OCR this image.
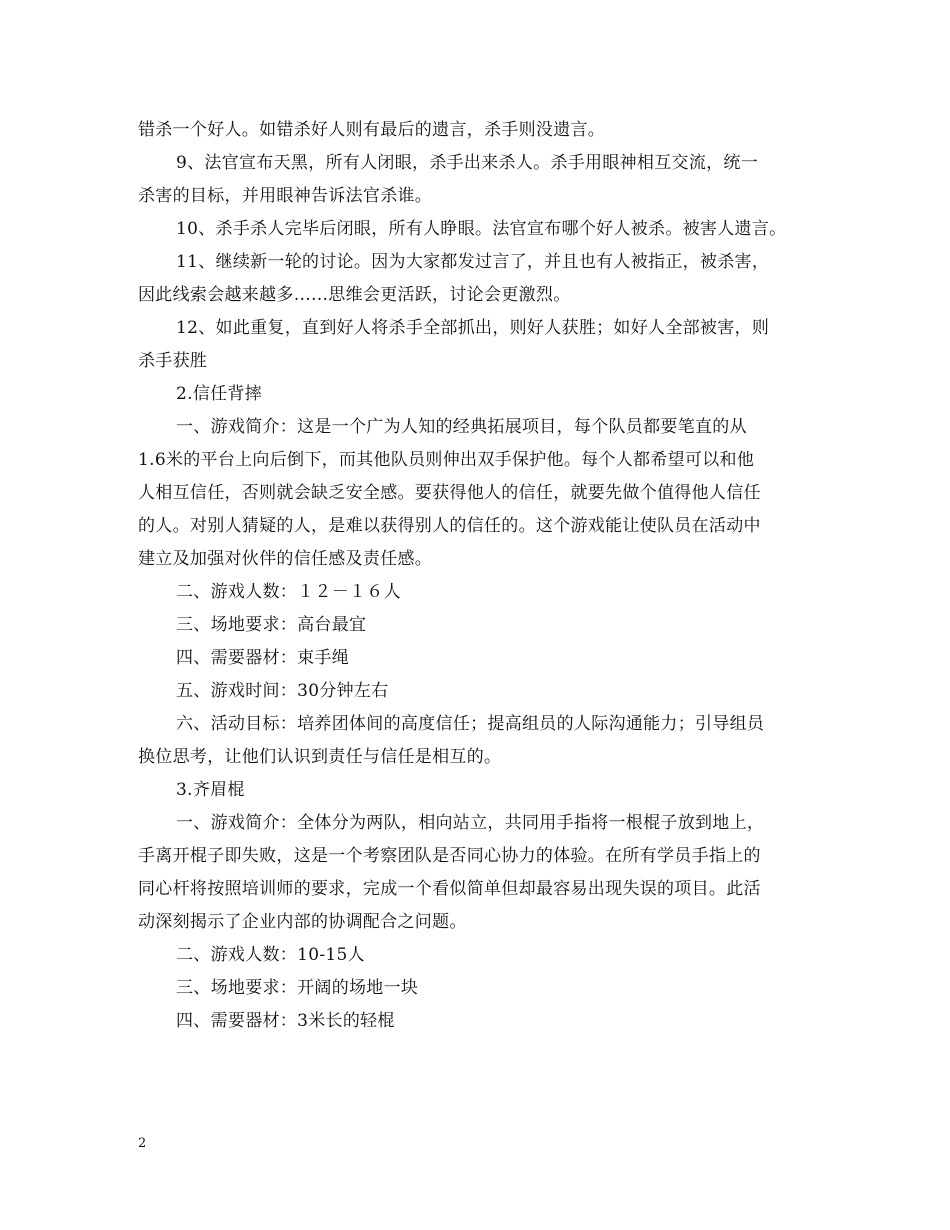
错杀一个好人。如错杀好人则有最后的遗言，杀手则没遗言。
9、法官宣布天黑，所有人闭眼，杀手出来杀人。杀手用眼神相互交流，统一
杀害的目标，并用眼神告诉法官杀谁。
10、杀手杀人完毕后闭眼，所有人睁眼。法官宣布哪个好人被杀。被害人遗言。
11、继续新一轮的讨论。因为大家都发过言了，并且也有人被指正，被杀害，
因此线索会越来越多……思维会更活跃，讨论会更激烈。
12、如此重复，直到好人将杀手全部抓出，则好人获胜；如好人全部被害，则
杀手获胜
2.信任背摔
一、游戏简介：这是一个广为人知的经典拓展项目，每个队员都要笔直的从
1.6米的平台上向后倒下，而其他队员则伸出双手保护他。每个人都希望可以和他
人相互信任，否则就会缺乏安全感。要获得他人的信任，就要先做个值得他人信任
的人。对别人猜疑的人，是难以获得别人的信任的。这个游戏能让使队员在活动中
建立及加强对伙伴的信任感及责任感。
二、游戏人数：１２－１６人
三、场地要求：高台最宜
四、需要器材：束手绳
五、游戏时间：30分钟左右
六、活动目标：培养团体间的高度信任；提高组员的人际沟通能力；引导组员
换位思考，让他们认识到责任与信任是相互的。
3.齐眉棍
一、游戏简介：全体分为两队，相向站立，共同用手指将一根棍子放到地上，
手离开棍子即失败，这是一个考察团队是否同心协力的体验。在所有学员手指上的
同心杆将按照培训师的要求，完成一个看似简单但却最容易出现失误的项目。此活
动深刻揭示了企业内部的协调配合之问题。
二、游戏人数：10-15人
三、场地要求：开阔的场地一块
四、需要器材：3米长的轻棍
2
